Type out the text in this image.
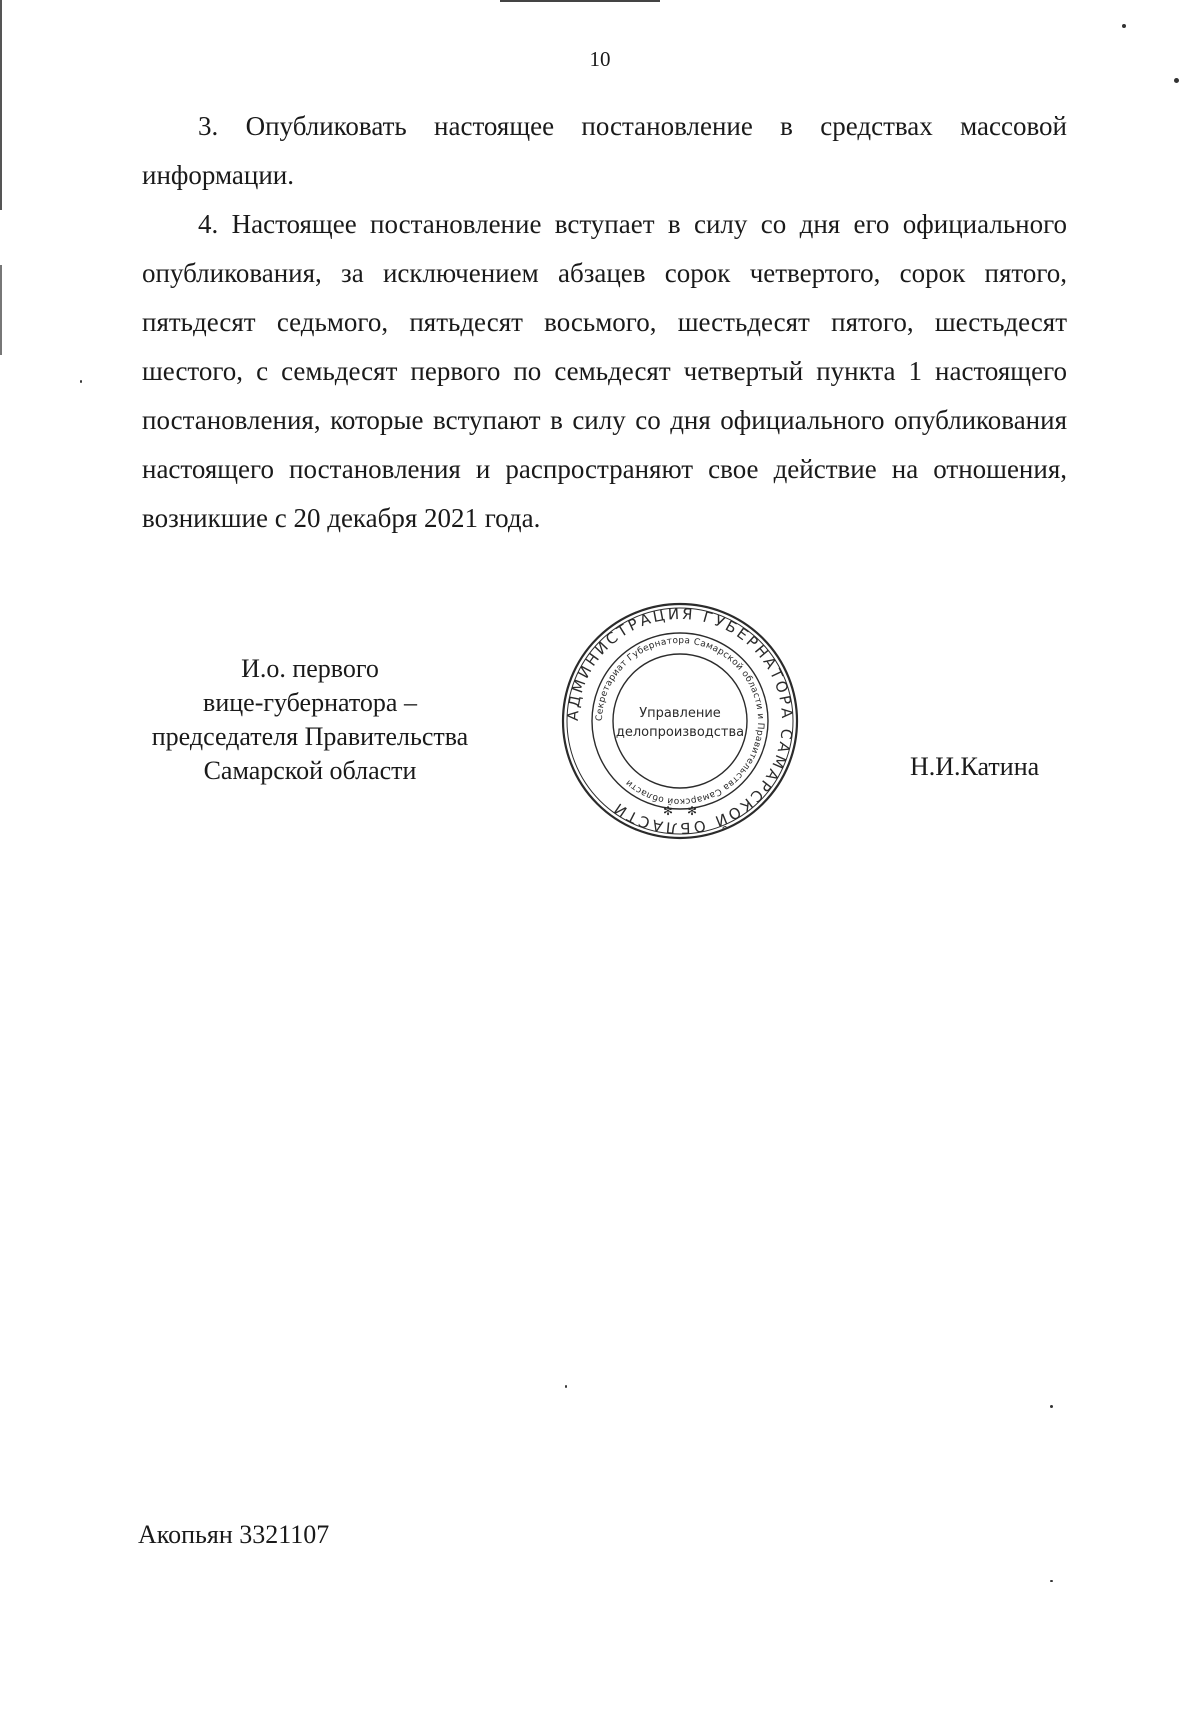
10

3. Опубликовать настоящее постановление в средствах массовой информации.

4. Настоящее постановление вступает в силу со дня его официального опубликования, за исключением абзацев сорок четвертого, сорок пятого, пятьдесят седьмого, пятьдесят восьмого, шестьдесят пятого, шестьдесят шестого, с семьдесят первого по семьдесят четвертый пункта 1 настоящего постановления, которые вступают в силу со дня официального опубликования настоящего постановления и распространяют свое действие на отношения, возникшие с 20 декабря 2021 года.

И.о. первого
вице-губернатора –
председателя Правительства
Самарской области
АДМИНИСТРАЦИЯ ГУБЕРНАТОРА САМАРСКОЙ ОБЛАСТИ
Секретариат Губернатора Самарской области и Правительства Самарской области
Управление
делопроизводства
✻ ✻
Н.И.Катина
Акопьян 3321107
